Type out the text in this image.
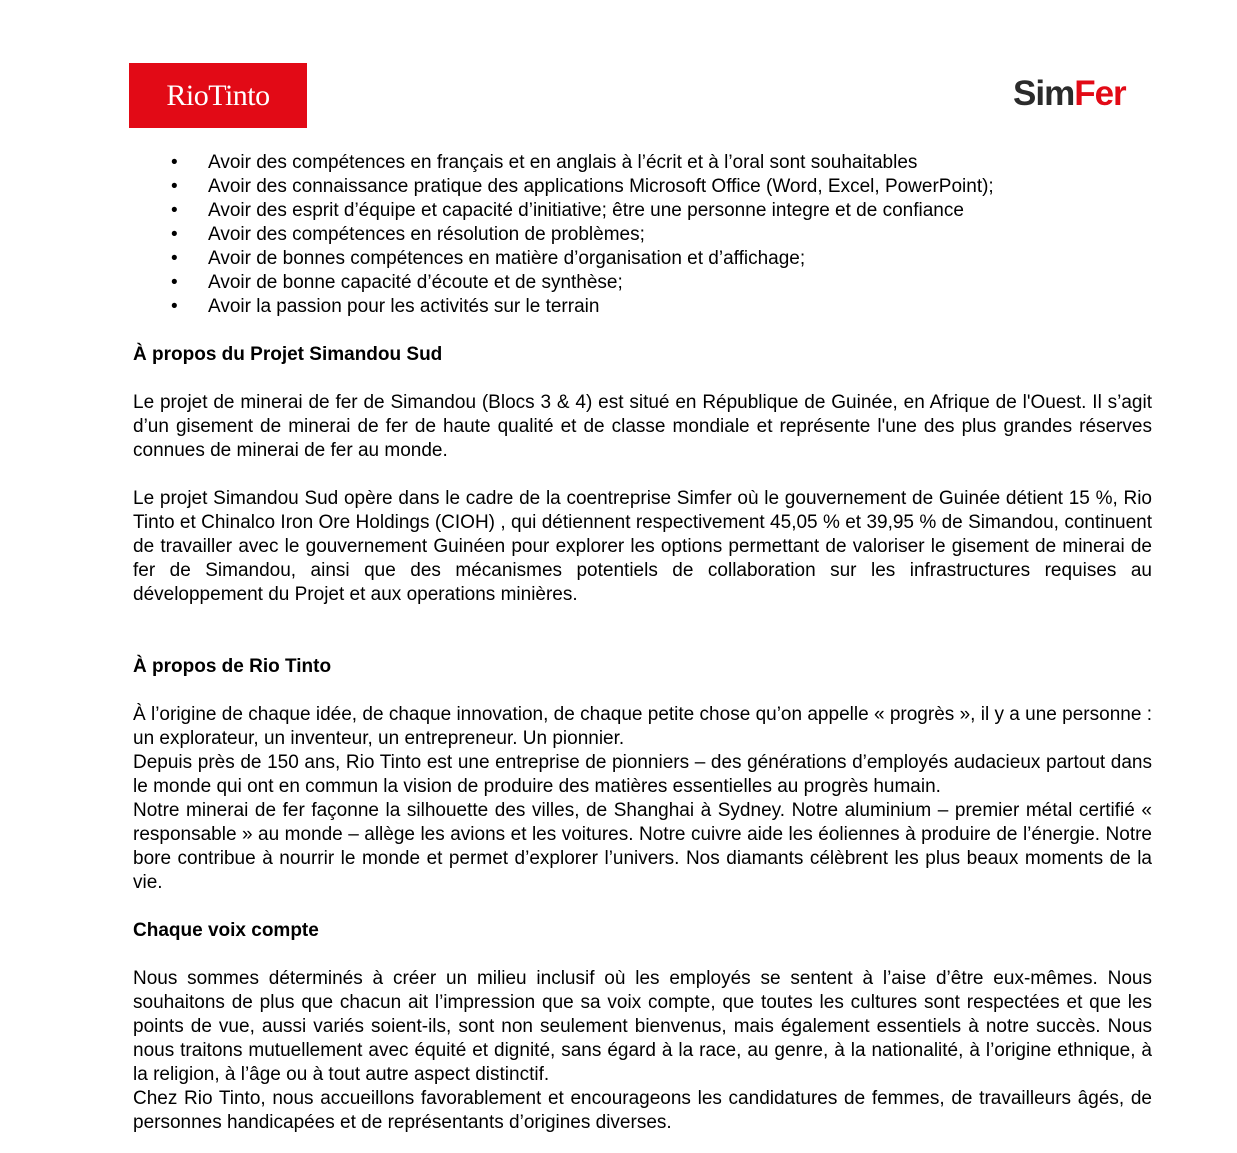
RioTinto	SimFer
• Avoir des compétences en français et en anglais à l’écrit et à l’oral sont souhaitables
• Avoir des connaissance pratique des applications Microsoft Office (Word, Excel, PowerPoint);
• Avoir des esprit d’équipe et capacité d’initiative; être une personne integre et de confiance
• Avoir des compétences en résolution de problèmes;
• Avoir de bonnes compétences en matière d’organisation et d’affichage;
• Avoir de bonne capacité d’écoute et de synthèse;
• Avoir la passion pour les activités sur le terrain
À propos du Projet Simandou Sud

Le projet de minerai de fer de Simandou (Blocs 3 & 4) est situé en République de Guinée, en Afrique de l'Ouest. Il s’agit d’un gisement de minerai de fer de haute qualité et de classe mondiale et représente l'une des plus grandes réserves connues de minerai de fer au monde.

Le projet Simandou Sud opère dans le cadre de la coentreprise Simfer où le gouvernement de Guinée détient 15 %, Rio Tinto et Chinalco Iron Ore Holdings (CIOH) , qui détiennent respectivement 45,05 % et 39,95 % de Simandou, continuent de travailler avec le gouvernement Guinéen pour explorer les options permettant de valoriser le gisement de minerai de fer de Simandou, ainsi que des mécanismes potentiels de collaboration sur les infrastructures requises au développement du Projet et aux operations minières.

À propos de Rio Tinto

À l’origine de chaque idée, de chaque innovation, de chaque petite chose qu’on appelle « progrès », il y a une personne : un explorateur, un inventeur, un entrepreneur. Un pionnier.

Depuis près de 150 ans, Rio Tinto est une entreprise de pionniers – des générations d’employés audacieux partout dans le monde qui ont en commun la vision de produire des matières essentielles au progrès humain.

Notre minerai de fer façonne la silhouette des villes, de Shanghai à Sydney. Notre aluminium – premier métal certifié « responsable » au monde – allège les avions et les voitures. Notre cuivre aide les éoliennes à produire de l’énergie. Notre bore contribue à nourrir le monde et permet d’explorer l’univers. Nos diamants célèbrent les plus beaux moments de la vie.

Chaque voix compte

Nous sommes déterminés à créer un milieu inclusif où les employés se sentent à l’aise d’être eux-mêmes. Nous souhaitons de plus que chacun ait l’impression que sa voix compte, que toutes les cultures sont respectées et que les points de vue, aussi variés soient-ils, sont non seulement bienvenus, mais également essentiels à notre succès. Nous nous traitons mutuellement avec équité et dignité, sans égard à la race, au genre, à la nationalité, à l’origine ethnique, à la religion, à l’âge ou à tout autre aspect distinctif.

Chez Rio Tinto, nous accueillons favorablement et encourageons les candidatures de femmes, de travailleurs âgés, de personnes handicapées et de représentants d’origines diverses.
